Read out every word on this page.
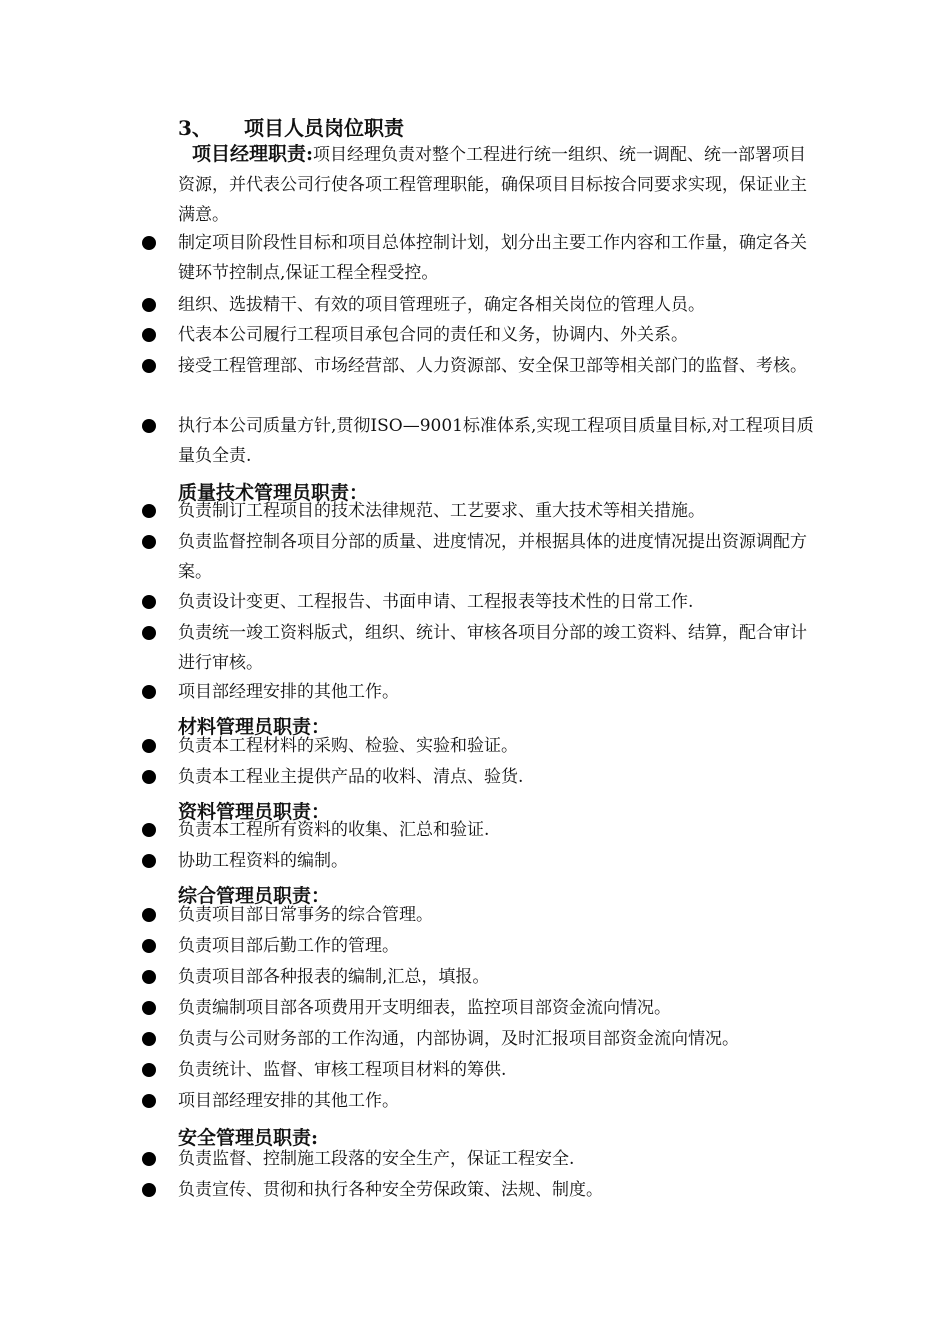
3、 项目人员岗位职责
项目经理职责:项目经理负责对整个工程进行统一组织、统一调配、统一部署项目资源，并代表公司行使各项工程管理职能，确保项目目标按合同要求实现，保证业主满意。
制定项目阶段性目标和项目总体控制计划，划分出主要工作内容和工作量，确定各关键环节控制点,保证工程全程受控。
组织、选拔精干、有效的项目管理班子，确定各相关岗位的管理人员。
代表本公司履行工程项目承包合同的责任和义务，协调内、外关系。
接受工程管理部、市场经营部、人力资源部、安全保卫部等相关部门的监督、考核。
执行本公司质量方针,贯彻ISO—9001标准体系,实现工程项目质量目标,对工程项目质量负全责.
质量技术管理员职责：
负责制订工程项目的技术法律规范、工艺要求、重大技术等相关措施。
负责监督控制各项目分部的质量、进度情况，并根据具体的进度情况提出资源调配方案。
负责设计变更、工程报告、书面申请、工程报表等技术性的日常工作.
负责统一竣工资料版式，组织、统计、审核各项目分部的竣工资料、结算，配合审计进行审核。
项目部经理安排的其他工作。
材料管理员职责：
负责本工程材料的采购、检验、实验和验证。
负责本工程业主提供产品的收料、清点、验货.
资料管理员职责：
负责本工程所有资料的收集、汇总和验证.
协助工程资料的编制。
综合管理员职责：
负责项目部日常事务的综合管理。
负责项目部后勤工作的管理。
负责项目部各种报表的编制,汇总，填报。
负责编制项目部各项费用开支明细表，监控项目部资金流向情况。
负责与公司财务部的工作沟通，内部协调，及时汇报项目部资金流向情况。
负责统计、监督、审核工程项目材料的筹供.
项目部经理安排的其他工作。
安全管理员职责:
负责监督、控制施工段落的安全生产，保证工程安全.
负责宣传、贯彻和执行各种安全劳保政策、法规、制度。
